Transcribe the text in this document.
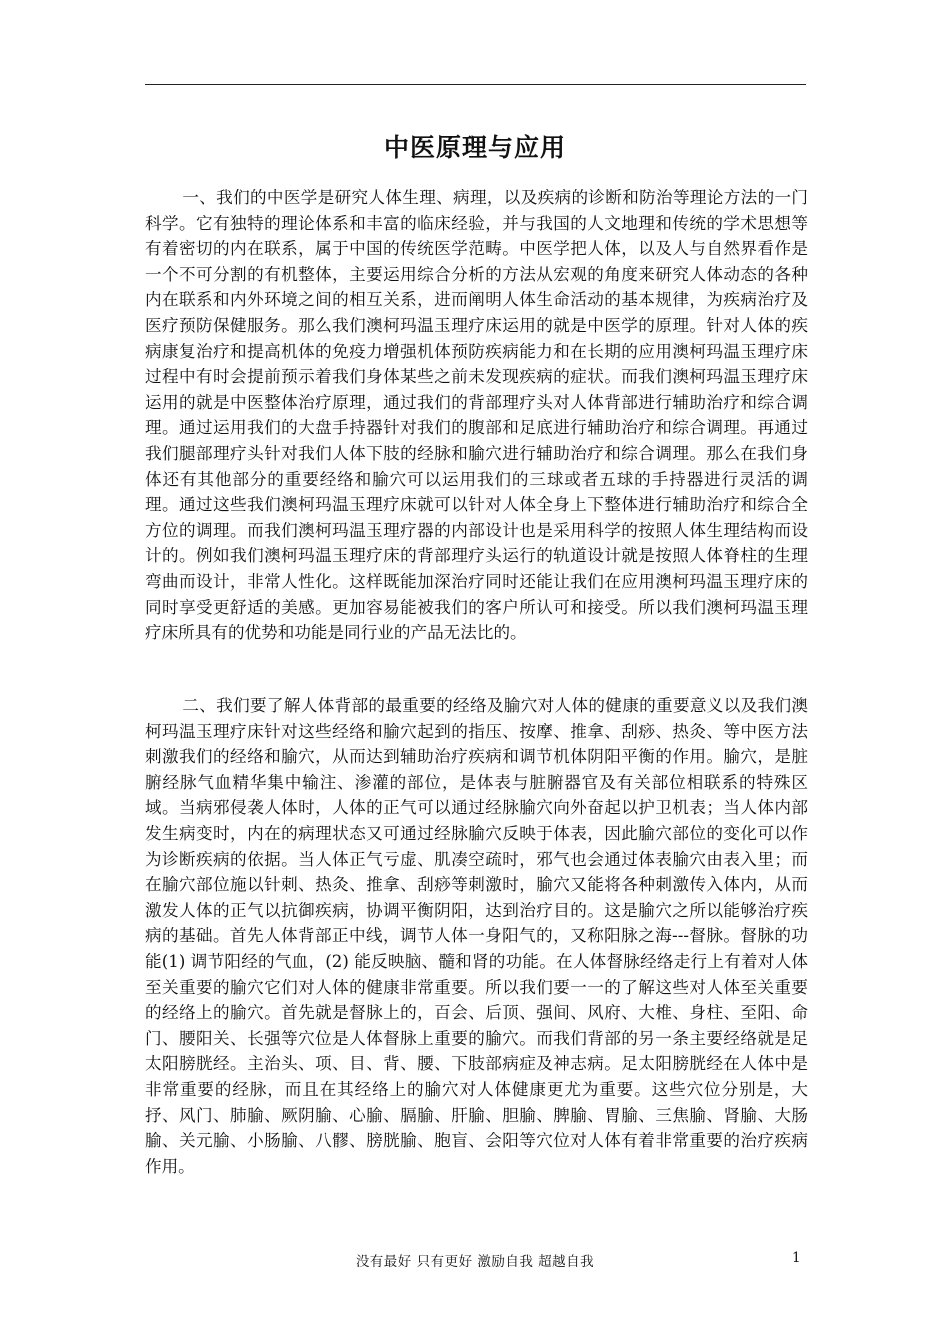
中医原理与应用

一、我们的中医学是研究人体生理、病理，以及疾病的诊断和防治等理论方法的一门科学。它有独特的理论体系和丰富的临床经验，并与我国的人文地理和传统的学术思想等有着密切的内在联系，属于中国的传统医学范畴。中医学把人体，以及人与自然界看作是一个不可分割的有机整体，主要运用综合分析的方法从宏观的角度来研究人体动态的各种内在联系和内外环境之间的相互关系，进而阐明人体生命活动的基本规律，为疾病治疗及医疗预防保健服务。那么我们澳柯玛温玉理疗床运用的就是中医学的原理。针对人体的疾病康复治疗和提高机体的免疫力增强机体预防疾病能力和在长期的应用澳柯玛温玉理疗床过程中有时会提前预示着我们身体某些之前未发现疾病的症状。而我们澳柯玛温玉理疗床运用的就是中医整体治疗原理，通过我们的背部理疗头对人体背部进行辅助治疗和综合调理。通过运用我们的大盘手持器针对我们的腹部和足底进行辅助治疗和综合调理。再通过我们腿部理疗头针对我们人体下肢的经脉和腧穴进行辅助治疗和综合调理。那么在我们身体还有其他部分的重要经络和腧穴可以运用我们的三球或者五球的手持器进行灵活的调理。通过这些我们澳柯玛温玉理疗床就可以针对人体全身上下整体进行辅助治疗和综合全方位的调理。而我们澳柯玛温玉理疗器的内部设计也是采用科学的按照人体生理结构而设计的。例如我们澳柯玛温玉理疗床的背部理疗头运行的轨道设计就是按照人体脊柱的生理弯曲而设计，非常人性化。这样既能加深治疗同时还能让我们在应用澳柯玛温玉理疗床的同时享受更舒适的美感。更加容易能被我们的客户所认可和接受。所以我们澳柯玛温玉理疗床所具有的优势和功能是同行业的产品无法比的。

二、我们要了解人体背部的最重要的经络及腧穴对人体的健康的重要意义以及我们澳柯玛温玉理疗床针对这些经络和腧穴起到的指压、按摩、推拿、刮痧、热灸、等中医方法刺激我们的经络和腧穴，从而达到辅助治疗疾病和调节机体阴阳平衡的作用。腧穴，是脏腑经脉气血精华集中输注、渗灌的部位，是体表与脏腑器官及有关部位相联系的特殊区域。当病邪侵袭人体时，人体的正气可以通过经脉腧穴向外奋起以护卫机表；当人体内部发生病变时，内在的病理状态又可通过经脉腧穴反映于体表，因此腧穴部位的变化可以作为诊断疾病的依据。当人体正气亏虚、肌凑空疏时，邪气也会通过体表腧穴由表入里；而在腧穴部位施以针刺、热灸、推拿、刮痧等刺激时，腧穴又能将各种刺激传入体内，从而激发人体的正气以抗御疾病，协调平衡阴阳，达到治疗目的。这是腧穴之所以能够治疗疾病的基础。首先人体背部正中线，调节人体一身阳气的，又称阳脉之海---督脉。督脉的功能(1) 调节阳经的气血，(2) 能反映脑、髓和肾的功能。在人体督脉经络走行上有着对人体至关重要的腧穴它们对人体的健康非常重要。所以我们要一一的了解这些对人体至关重要的经络上的腧穴。首先就是督脉上的，百会、后顶、强间、风府、大椎、身柱、至阳、命门、腰阳关、长强等穴位是人体督脉上重要的腧穴。而我们背部的另一条主要经络就是足太阳膀胱经。主治头、项、目、背、腰、下肢部病症及神志病。足太阳膀胱经在人体中是非常重要的经脉，而且在其经络上的腧穴对人体健康更尤为重要。这些穴位分别是，大抒、风门、肺腧、厥阴腧、心腧、膈腧、肝腧、胆腧、脾腧、胃腧、三焦腧、肾腧、大肠腧、关元腧、小肠腧、八髎、膀胱腧、胞盲、会阳等穴位对人体有着非常重要的治疗疾病作用。

没有最好 只有更好 激励自我 超越自我	1
